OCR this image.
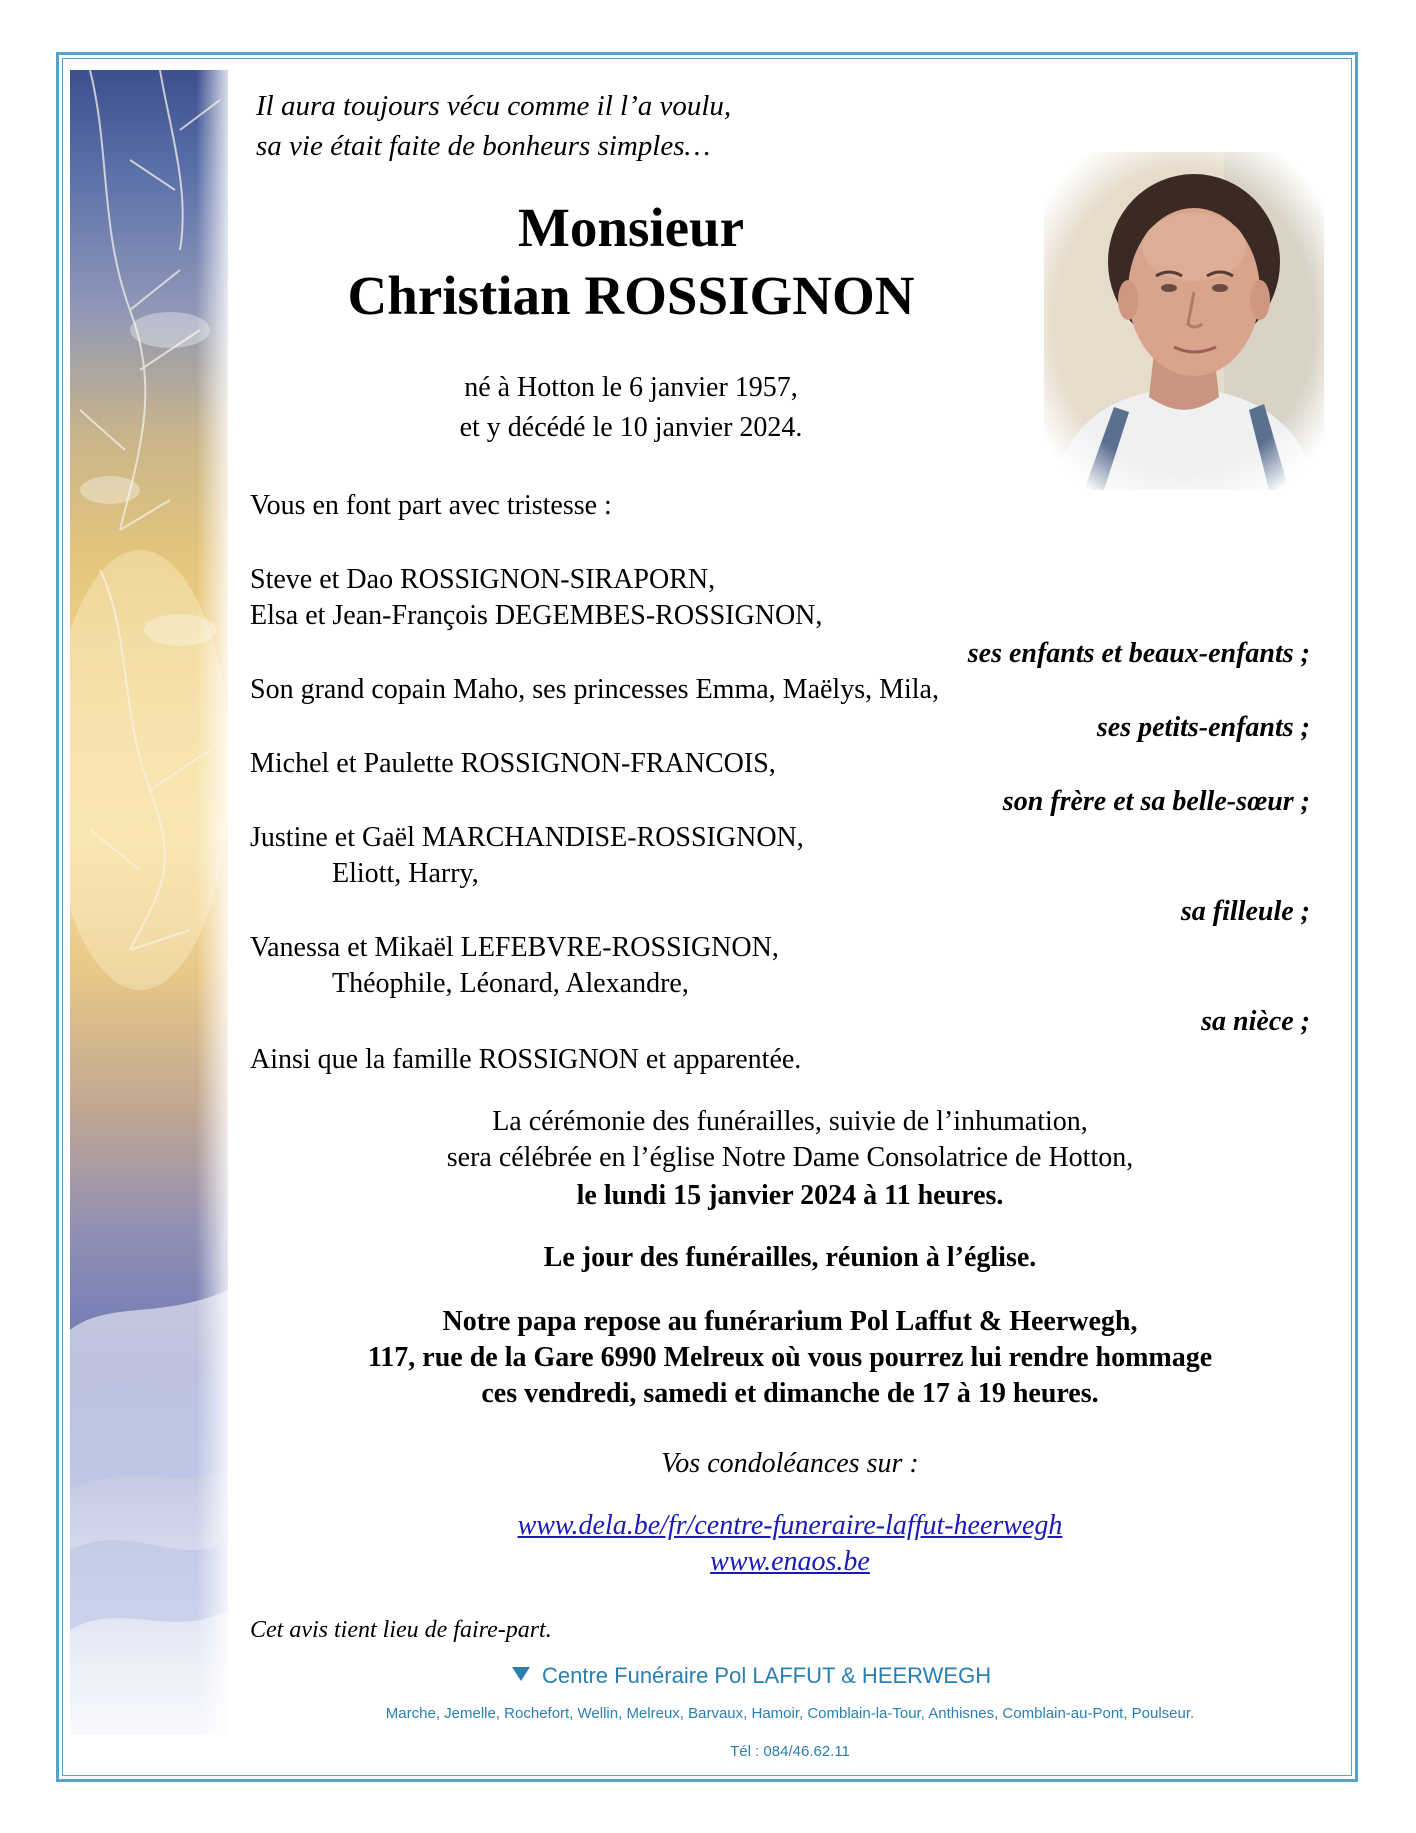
Il aura toujours vécu comme il l’a voulu,

sa vie était faite de bonheurs simples…

Monsieur

Christian ROSSIGNON

né à Hotton le 6 janvier 1957,

et y décédé le 10 janvier 2024.

Vous en font part avec tristesse :

Steve et Dao ROSSIGNON-SIRAPORN,

Elsa et Jean-François DEGEMBES-ROSSIGNON,

ses enfants et beaux-enfants ;

Son grand copain Maho, ses princesses Emma, Maëlys, Mila,

ses petits-enfants ;

Michel et Paulette ROSSIGNON-FRANCOIS,

son frère et sa belle-sœur ;

Justine et Gaël MARCHANDISE-ROSSIGNON,

Eliott, Harry,

sa filleule ;

Vanessa et Mikaël LEFEBVRE-ROSSIGNON,

Théophile, Léonard, Alexandre,

sa nièce ;

Ainsi que la famille ROSSIGNON et apparentée.

La cérémonie des funérailles, suivie de l’inhumation,

sera célébrée en l’église Notre Dame Consolatrice de Hotton,

le lundi 15 janvier 2024 à 11 heures.

Le jour des funérailles, réunion à l’église.

Notre papa repose au funérarium Pol Laffut & Heerwegh,

117, rue de la Gare 6990 Melreux où vous pourrez lui rendre hommage

ces vendredi, samedi et dimanche de 17 à 19 heures.

Vos condoléances sur :

www.dela.be/fr/centre-funeraire-laffut-heerwegh

www.enaos.be

Cet avis tient lieu de faire-part.

Centre Funéraire Pol LAFFUT & HEERWEGH
Marche, Jemelle, Rochefort, Wellin, Melreux, Barvaux, Hamoir, Comblain-la-Tour, Anthisnes, Comblain-au-Pont, Poulseur.
Tél : 084/46.62.11
